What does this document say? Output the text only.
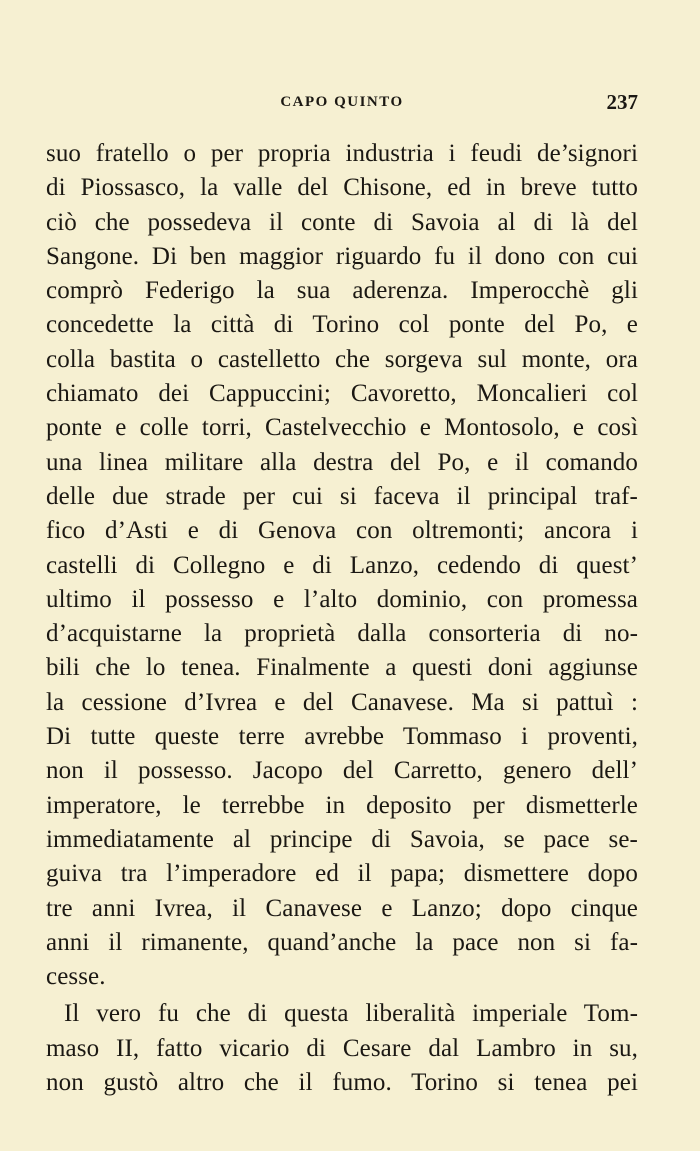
CAPO QUINTO	237
suo fratello o per propria industria i feudi de’signori
di Piossasco, la valle del Chisone, ed in breve tutto
ciò che possedeva il conte di Savoia al di là del
Sangone. Di ben maggior riguardo fu il dono con cui
comprò Federigo la sua aderenza. Imperocchè gli
concedette la città di Torino col ponte del Po, e
colla bastita o castelletto che sorgeva sul monte, ora
chiamato dei Cappuccini; Cavoretto, Moncalieri col
ponte e colle torri, Castelvecchio e Montosolo, e così
una linea militare alla destra del Po, e il comando
delle due strade per cui si faceva il principal traf-
fico d’Asti e di Genova con oltremonti; ancora i
castelli di Collegno e di Lanzo, cedendo di quest’
ultimo il possesso e l’alto dominio, con promessa
d’acquistarne la proprietà dalla consorteria di no-
bili che lo tenea. Finalmente a questi doni aggiunse
la cessione d’Ivrea e del Canavese. Ma si pattuì :
Di tutte queste terre avrebbe Tommaso i proventi,
non il possesso. Jacopo del Carretto, genero dell’
imperatore, le terrebbe in deposito per dismetterle
immediatamente al principe di Savoia, se pace se-
guiva tra l’imperadore ed il papa; dismettere dopo
tre anni Ivrea, il Canavese e Lanzo; dopo cinque
anni il rimanente, quand’anche la pace non si fa-
cesse.
Il vero fu che di questa liberalità imperiale Tom-
maso II, fatto vicario di Cesare dal Lambro in su,
non gustò altro che il fumo. Torino si tenea pei
